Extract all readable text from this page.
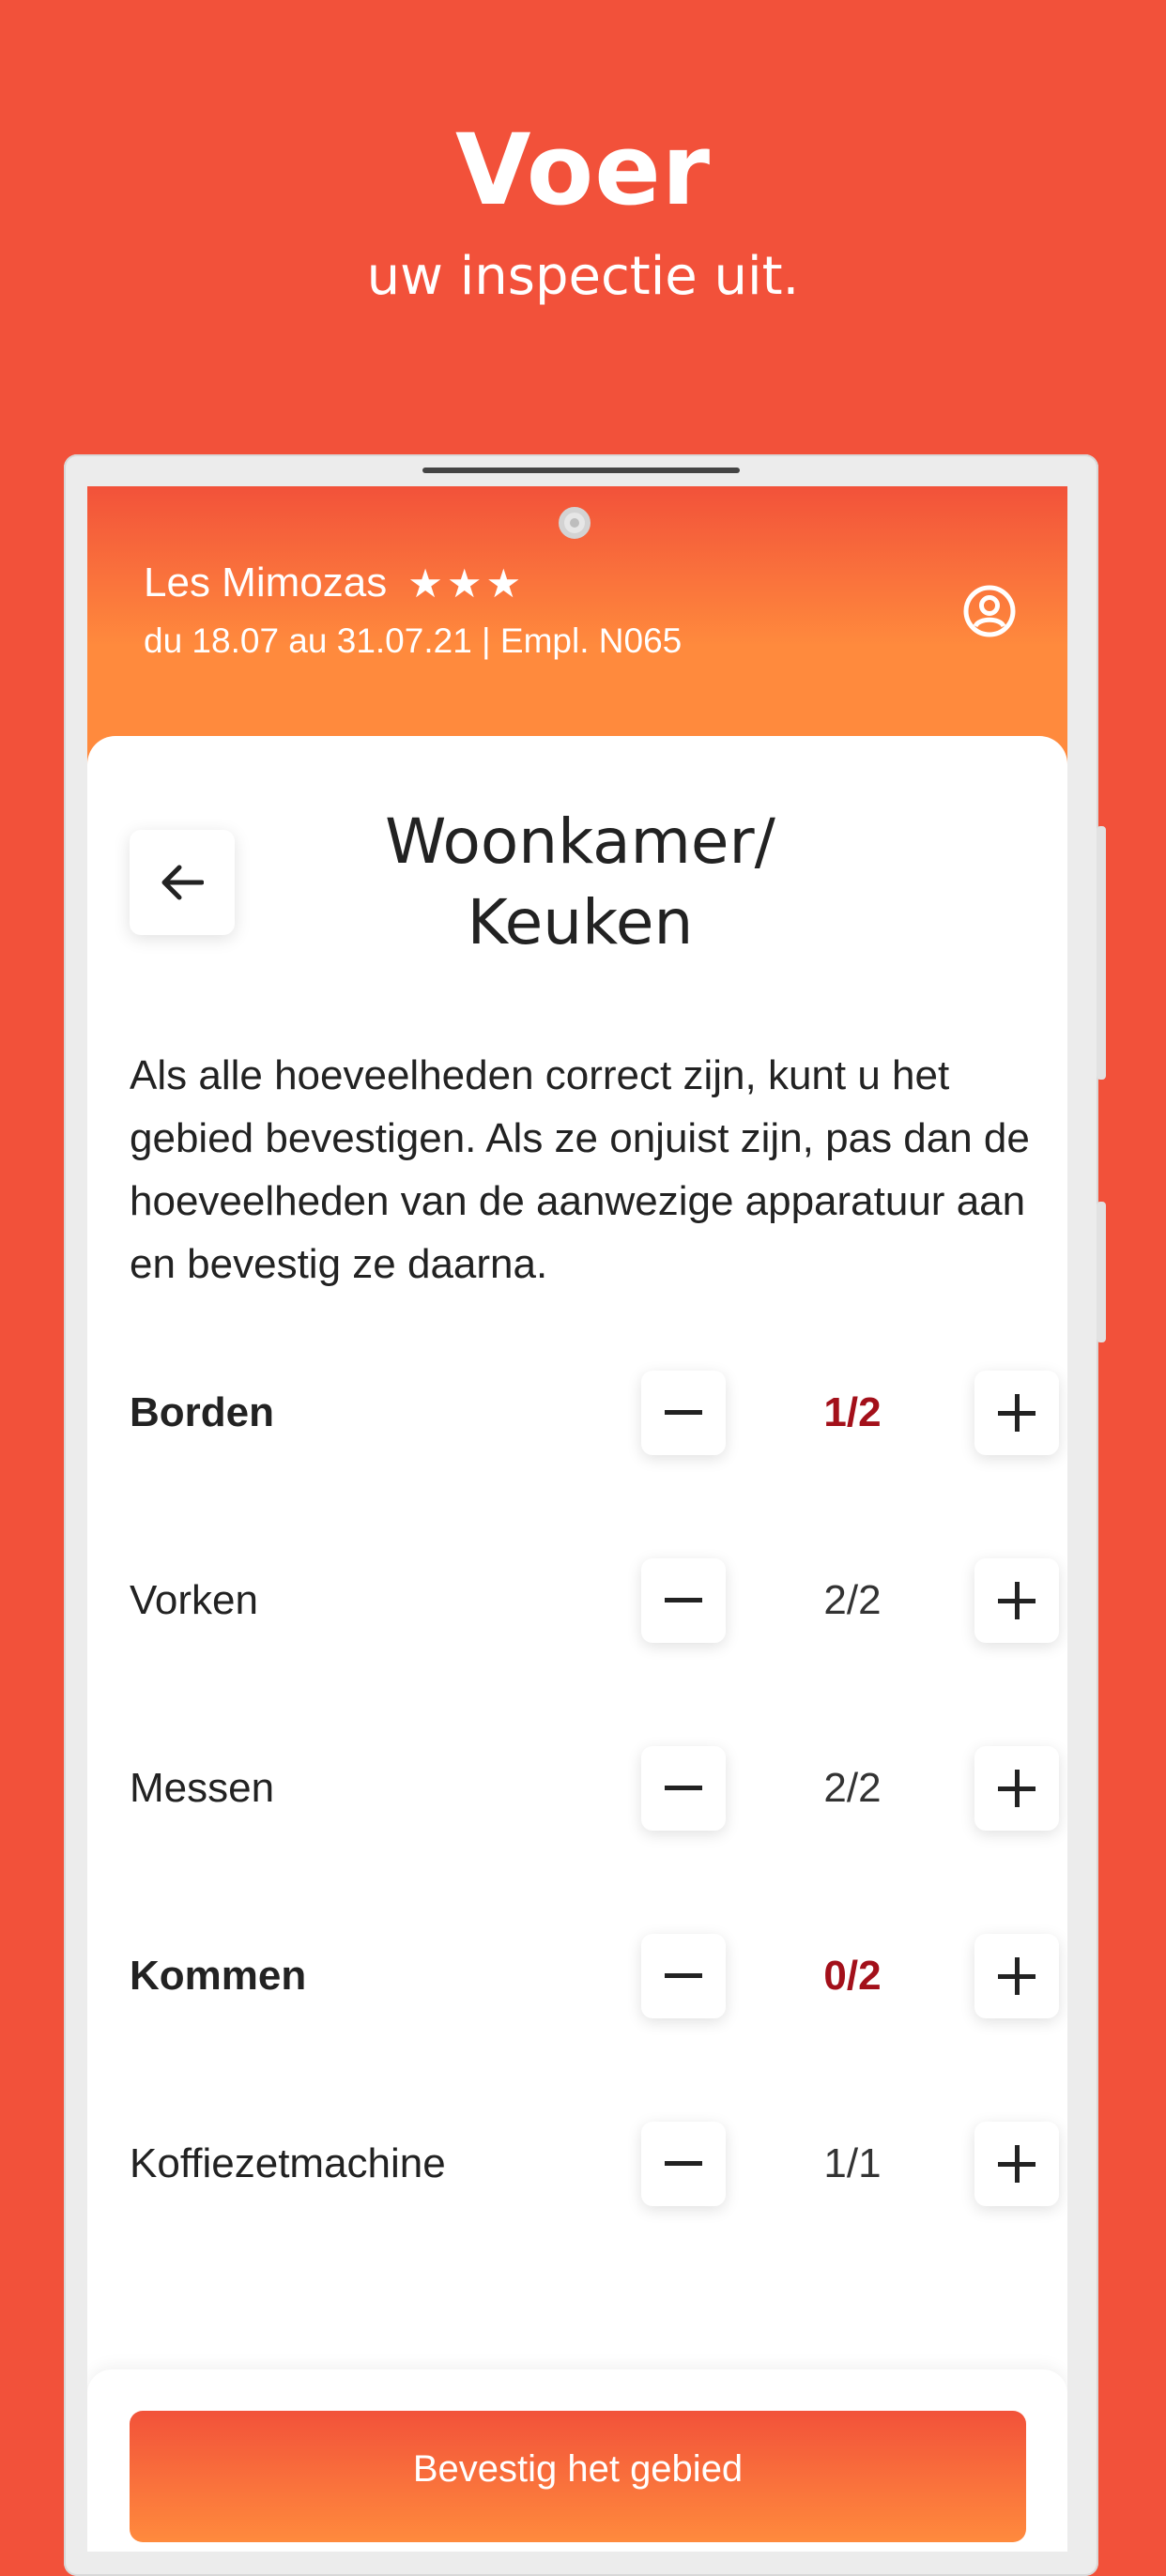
Voer
uw inspectie uit.
Les Mimozas ★★★
du 18.07 au 31.07.21 | Empl. N065
Woonkamer/
Keuken
Als alle hoeveelheden correct zijn, kunt u het gebied bevestigen. Als ze onjuist zijn, pas dan de hoeveelheden van de aanwezige apparatuur aan en bevestig ze daarna.
Borden	1/2
Vorken	2/2
Messen	2/2
Kommen	0/2
Koffiezetmachine	1/1
Bevestig het gebied
